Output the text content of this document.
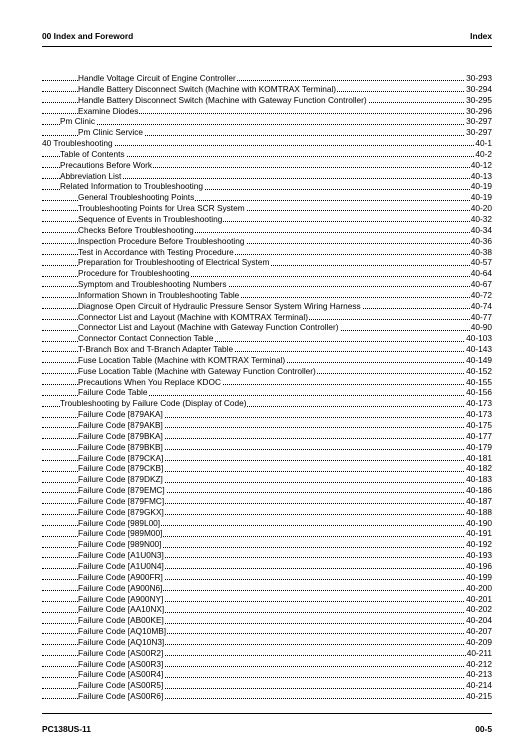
00 Index and Foreword	Index
Handle Voltage Circuit of Engine Controller	30-293
Handle Battery Disconnect Switch (Machine with KOMTRAX Terminal)	30-294
Handle Battery Disconnect Switch (Machine with Gateway Function Controller)	30-295
Examine Diodes	30-296
Pm Clinic	30-297
Pm Clinic Service	30-297
40 Troubleshooting	40-1
Table of Contents	40-2
Precautions Before Work	40-12
Abbreviation List	40-13
Related Information to Troubleshooting	40-19
General Troubleshooting Points	40-19
Troubleshooting Points for Urea SCR System	40-20
Sequence of Events in Troubleshooting	40-32
Checks Before Troubleshooting	40-34
Inspection Procedure Before Troubleshooting	40-36
Test in Accordance with Testing Procedure	40-38
Preparation for Troubleshooting of Electrical System	40-57
Procedure for Troubleshooting	40-64
Symptom and Troubleshooting Numbers	40-67
Information Shown in Troubleshooting Table	40-72
Diagnose Open Circuit of Hydraulic Pressure Sensor System Wiring Harness	40-74
Connector List and Layout (Machine with KOMTRAX Terminal)	40-77
Connector List and Layout (Machine with Gateway Function Controller)	40-90
Connector Contact Connection Table	40-103
T-Branch Box and T-Branch Adapter Table	40-143
Fuse Location Table (Machine with KOMTRAX Terminal)	40-149
Fuse Location Table (Machine with Gateway Function Controller)	40-152
Precautions When You Replace KDOC	40-155
Failure Code Table	40-156
Troubleshooting by Failure Code (Display of Code)	40-173
Failure Code [879AKA]	40-173
Failure Code [879AKB]	40-175
Failure Code [879BKA]	40-177
Failure Code [879BKB]	40-179
Failure Code [879CKA]	40-181
Failure Code [879CKB]	40-182
Failure Code [879DKZ]	40-183
Failure Code [879EMC]	40-186
Failure Code [879FMC]	40-187
Failure Code [879GKX]	40-188
Failure Code [989L00]	40-190
Failure Code [989M00]	40-191
Failure Code [989N00]	40-192
Failure Code [A1U0N3]	40-193
Failure Code [A1U0N4]	40-196
Failure Code [A900FR]	40-199
Failure Code [A900N6]	40-200
Failure Code [A900NY]	40-201
Failure Code [AA10NX]	40-202
Failure Code [AB00KE]	40-204
Failure Code [AQ10MB]	40-207
Failure Code [AQ10N3]	40-209
Failure Code [AS00R2]	40-211
Failure Code [AS00R3]	40-212
Failure Code [AS00R4]	40-213
Failure Code [AS00R5]	40-214
Failure Code [AS00R6]	40-215
PC138US-11	00-5
